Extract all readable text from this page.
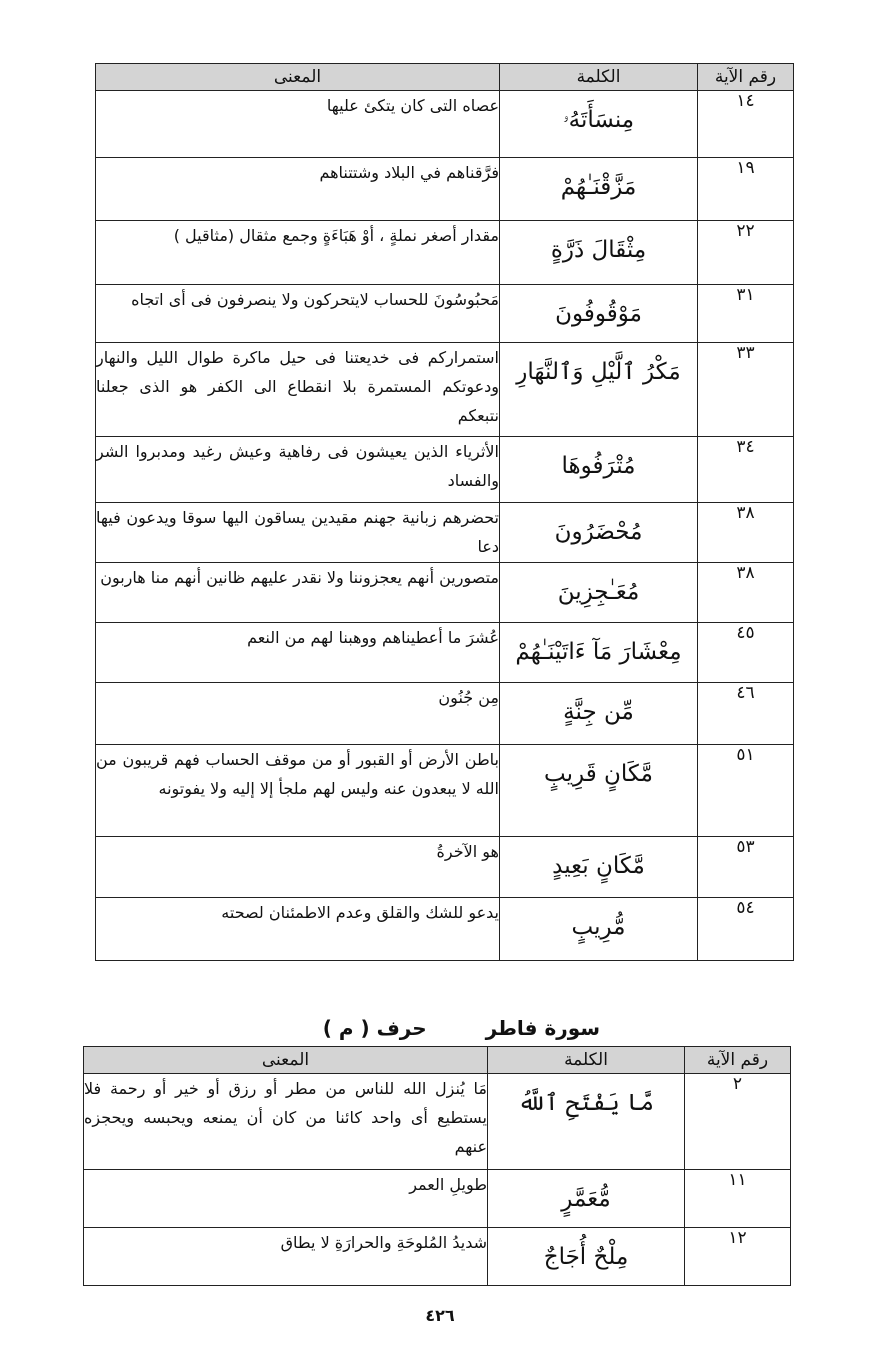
رقم الآية	الكلمة	المعنى
١٤	مِنسَأَتَهُۥ	عصاه التى كان يتكئ عليها
١٩	مَزَّقْنَـٰهُمْ	فرَّقناهم في البلاد وشتتناهم
٢٢	مِثْقَالَ ذَرَّةٍ	مقدار أصغر نملةٍ ، أوْ هَبَاءَةٍ وجمع مثقال (مثاقيل )
٣١	مَوْقُوفُونَ	مَحبُوسُونَ للحساب لايتحركون ولا ينصرفون فى أى اتجاه
٣٣	مَكْرُ ٱلَّيْلِ وَٱلنَّهَارِ	استمراركم فى خديعتنا فى حيل ماكرة طوال الليل والنهار ودعوتكم المستمرة بلا انقطاع الى الكفر هو الذى جعلنا نتبعكم
٣٤	مُتْرَفُوهَا	الأثرياء الذين يعيشون فى رفاهية وعيش رغيد ومدبروا الشر والفساد
٣٨	مُحْضَرُونَ	تحضرهم زبانية جهنم مقيدين يساقون اليها سوقا ويدعون فيها دعا
٣٨	مُعَـٰجِزِينَ	متصورين أنهم يعجزوننا ولا نقدر عليهم ظانين أنهم منا هاربون
٤٥	مِعْشَارَ مَآ ءَاتَيْنَـٰهُمْ	عُشرَ ما أعطيناهم ووهبنا لهم من النعم
٤٦	مِّن جِنَّةٍ	مِن جُنُون
٥١	مَّكَانٍ قَرِيبٍ	باطن الأرض أو القبور أو من موقف الحساب فهم قريبون من الله لا يبعدون عنه وليس لهم ملجأ إلا إليه ولا يفوتونه
٥٣	مَّكَانٍ بَعِيدٍ	هو الآخرةُ
٥٤	مُّرِيبٍ	يدعو للشك والقلق وعدم الاطمئنان لصحته
سورة فاطر حرف ( م )
رقم الآية	الكلمة	المعنى
٢	مَّا يَفْتَحِ ٱللَّهُ	مَا يُنزل الله للناس من مطر أو رزق أو خير أو رحمة فلا يستطيع أى واحد كائنا من كان أن يمنعه ويحبسه ويحجزه عنهم
١١	مُّعَمَّرٍ	طويلِ العمر
١٢	مِلْحٌ أُجَاجٌ	شديدُ المُلوحَةِ والحرارَةِ لا يطاق
٤٢٦
